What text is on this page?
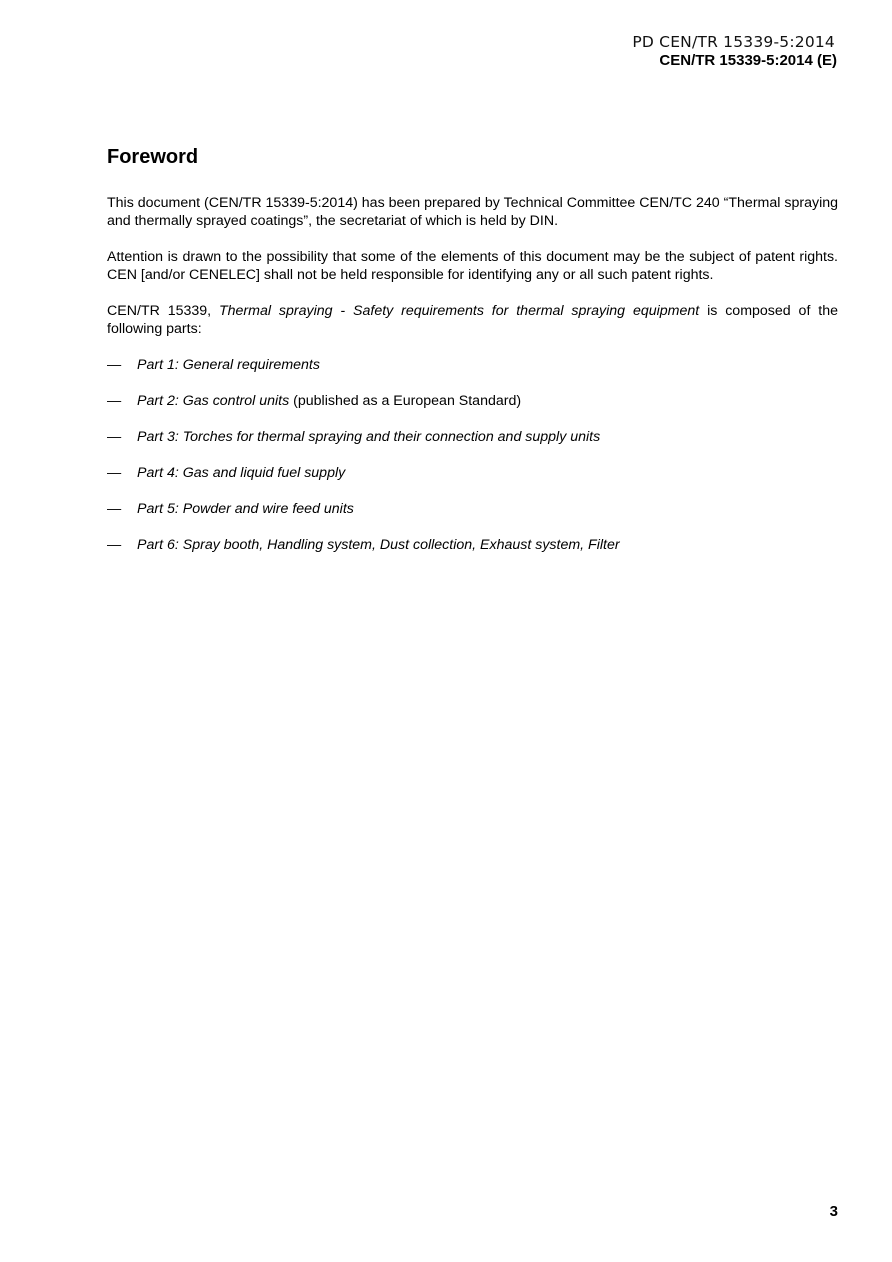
PD CEN/TR 15339-5:2014
CEN/TR 15339-5:2014 (E)
Foreword

This document (CEN/TR 15339-5:2014) has been prepared by Technical Committee CEN/TC 240 “Thermal spraying and thermally sprayed coatings”, the secretariat of which is held by DIN.

Attention is drawn to the possibility that some of the elements of this document may be the subject of patent rights. CEN [and/or CENELEC] shall not be held responsible for identifying any or all such patent rights.

CEN/TR 15339, Thermal spraying - Safety requirements for thermal spraying equipment is composed of the following parts:

— Part 1: General requirements
— Part 2: Gas control units (published as a European Standard)
— Part 3: Torches for thermal spraying and their connection and supply units
— Part 4: Gas and liquid fuel supply
— Part 5: Powder and wire feed units
— Part 6: Spray booth, Handling system, Dust collection, Exhaust system, Filter
3
